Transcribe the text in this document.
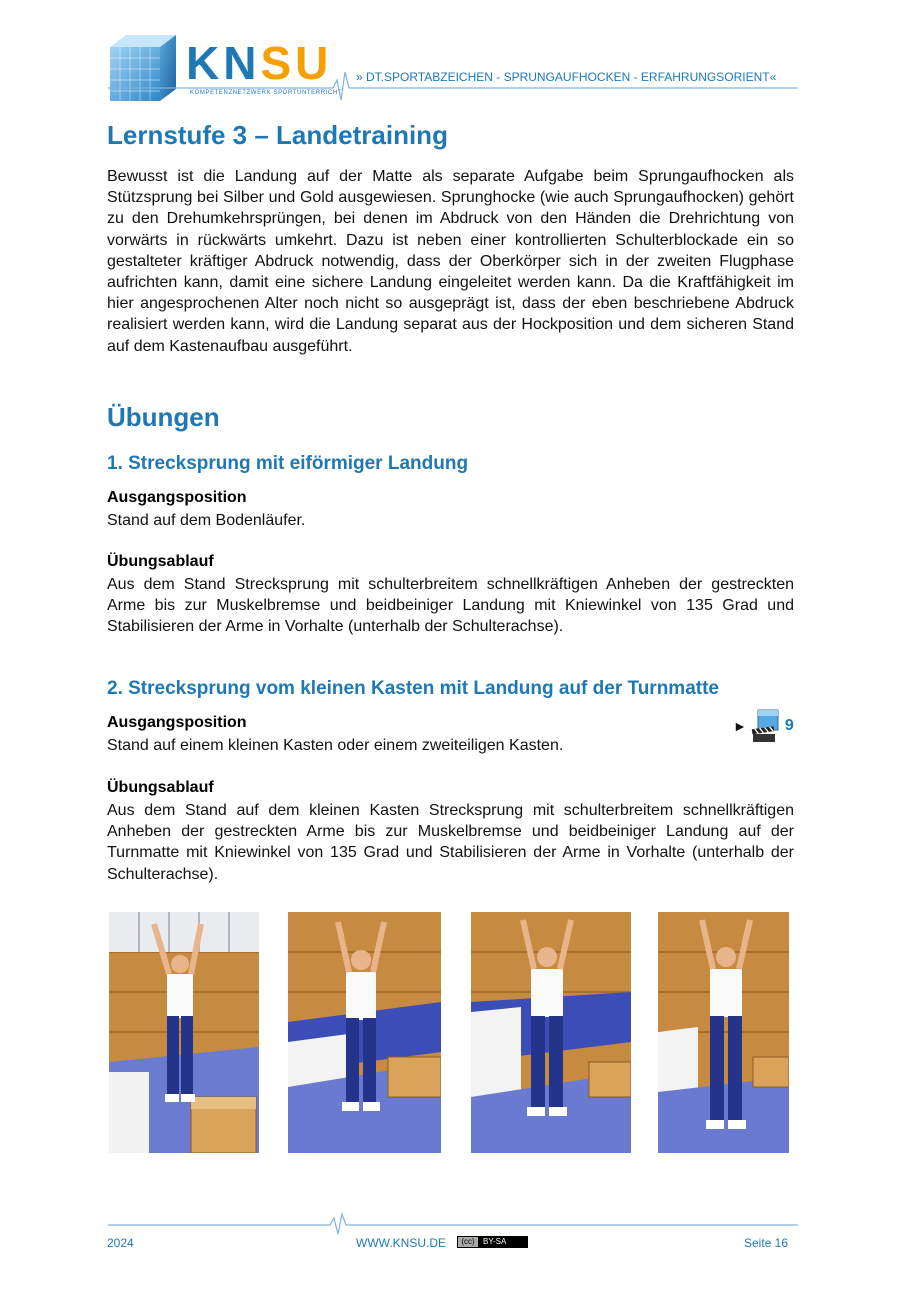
KNSU
KOMPETENZNETZWERK SPORTUNTERRICHT
» DT.SPORTABZEICHEN - SPRUNGAUFHOCKEN - ERFAHRUNGSORIENT«
Lernstufe 3 – Landetraining

Bewusst ist die Landung auf der Matte als separate Aufgabe beim Sprungaufhocken als Stützsprung bei Silber und Gold ausgewiesen. Sprunghocke (wie auch Sprungaufhocken) gehört zu den Drehumkehrsprüngen, bei denen im Abdruck von den Händen die Drehrichtung von vorwärts in rückwärts umkehrt. Dazu ist neben einer kontrollierten Schulterblockade ein so gestalteter kräftiger Abdruck notwendig, dass der Oberkörper sich in der zweiten Flugphase aufrichten kann, damit eine sichere Landung eingeleitet werden kann. Da die Kraftfähigkeit im hier angesprochenen Alter noch nicht so ausgeprägt ist, dass der eben beschriebene Abdruck realisiert werden kann, wird die Landung separat aus der Hockposition und dem sicheren Stand auf dem Kastenaufbau ausgeführt.

Übungen
1. Strecksprung mit eiförmiger Landung
Ausgangsposition
Stand auf dem Bodenläufer.
Übungsablauf

Aus dem Stand Strecksprung mit schulterbreitem schnellkräftigen Anheben der gestreckten Arme bis zur Muskelbremse und beidbeiniger Landung mit Kniewinkel von 135 Grad und Stabilisieren der Arme in Vorhalte (unterhalb der Schulterachse).

2. Strecksprung vom kleinen Kasten mit Landung auf der Turnmatte
Ausgangsposition
Stand auf einem kleinen Kasten oder einem zweiteiligen Kasten.
► 9
Übungsablauf

Aus dem Stand auf dem kleinen Kasten Strecksprung mit schulterbreitem schnellkräftigen Anheben der gestreckten Arme bis zur Muskelbremse und beidbeiniger Landung auf der Turnmatte mit Kniewinkel von 135 Grad und Stabilisieren der Arme in Vorhalte (unterhalb der Schulterachse).

2024	WWW.KNSU.DE	(cc)	BY-SA	Seite 16
